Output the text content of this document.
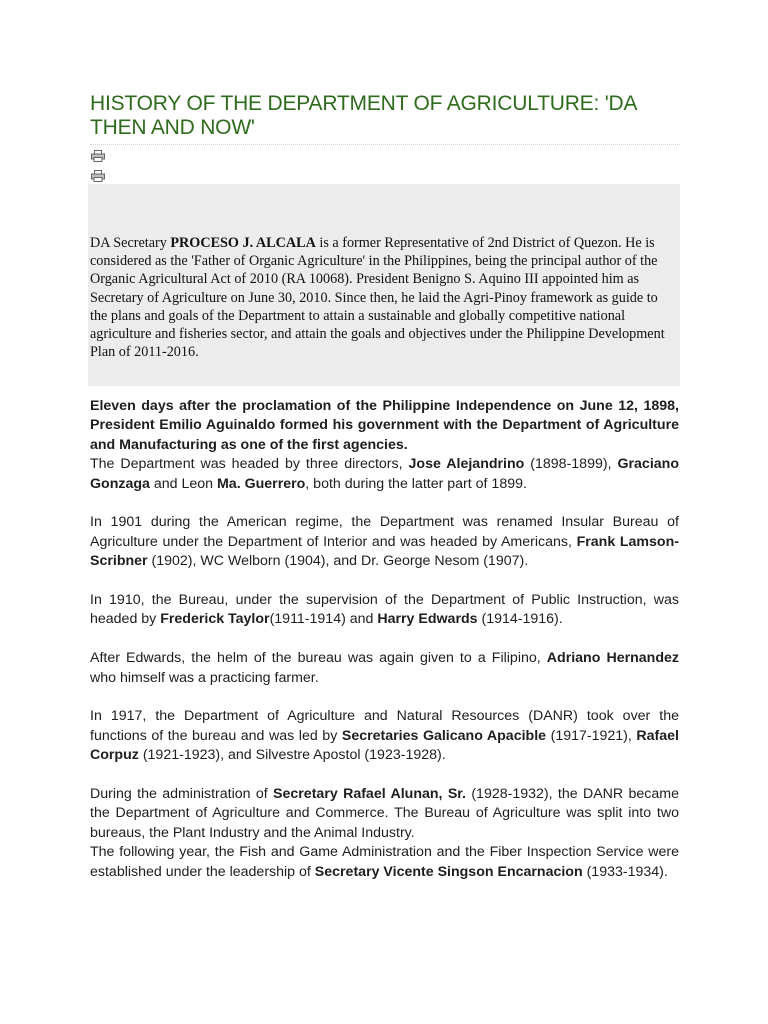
HISTORY OF THE DEPARTMENT OF AGRICULTURE: 'DA THEN AND NOW'

DA Secretary PROCESO J. ALCALA is a former Representative of 2nd District of Quezon. He is considered as the 'Father of Organic Agriculture' in the Philippines, being the principal author of the Organic Agricultural Act of 2010 (RA 10068). President Benigno S. Aquino III appointed him as Secretary of Agriculture on June 30, 2010. Since then, he laid the Agri-Pinoy framework as guide to the plans and goals of the Department to attain a sustainable and globally competitive national agriculture and fisheries sector, and attain the goals and objectives under the Philippine Development Plan of 2011-2016.

Eleven days after the proclamation of the Philippine Independence on June 12, 1898, President Emilio Aguinaldo formed his government with the Department of Agriculture and Manufacturing as one of the first agencies.

The Department was headed by three directors, Jose Alejandrino (1898-1899), Graciano Gonzaga and Leon Ma. Guerrero, both during the latter part of 1899.

In 1901 during the American regime, the Department was renamed Insular Bureau of Agriculture under the Department of Interior and was headed by Americans, Frank Lamson-Scribner (1902), WC Welborn (1904), and Dr. George Nesom (1907).

In 1910, the Bureau, under the supervision of the Department of Public Instruction, was headed by Frederick Taylor(1911-1914) and Harry Edwards (1914-1916).

After Edwards, the helm of the bureau was again given to a Filipino, Adriano Hernandez who himself was a practicing farmer.

In 1917, the Department of Agriculture and Natural Resources (DANR) took over the functions of the bureau and was led by Secretaries Galicano Apacible (1917-1921), Rafael Corpuz (1921-1923), and Silvestre Apostol (1923-1928).

During the administration of Secretary Rafael Alunan, Sr. (1928-1932), the DANR became the Department of Agriculture and Commerce. The Bureau of Agriculture was split into two bureaus, the Plant Industry and the Animal Industry.

The following year, the Fish and Game Administration and the Fiber Inspection Service were established under the leadership of Secretary Vicente Singson Encarnacion (1933-1934).
